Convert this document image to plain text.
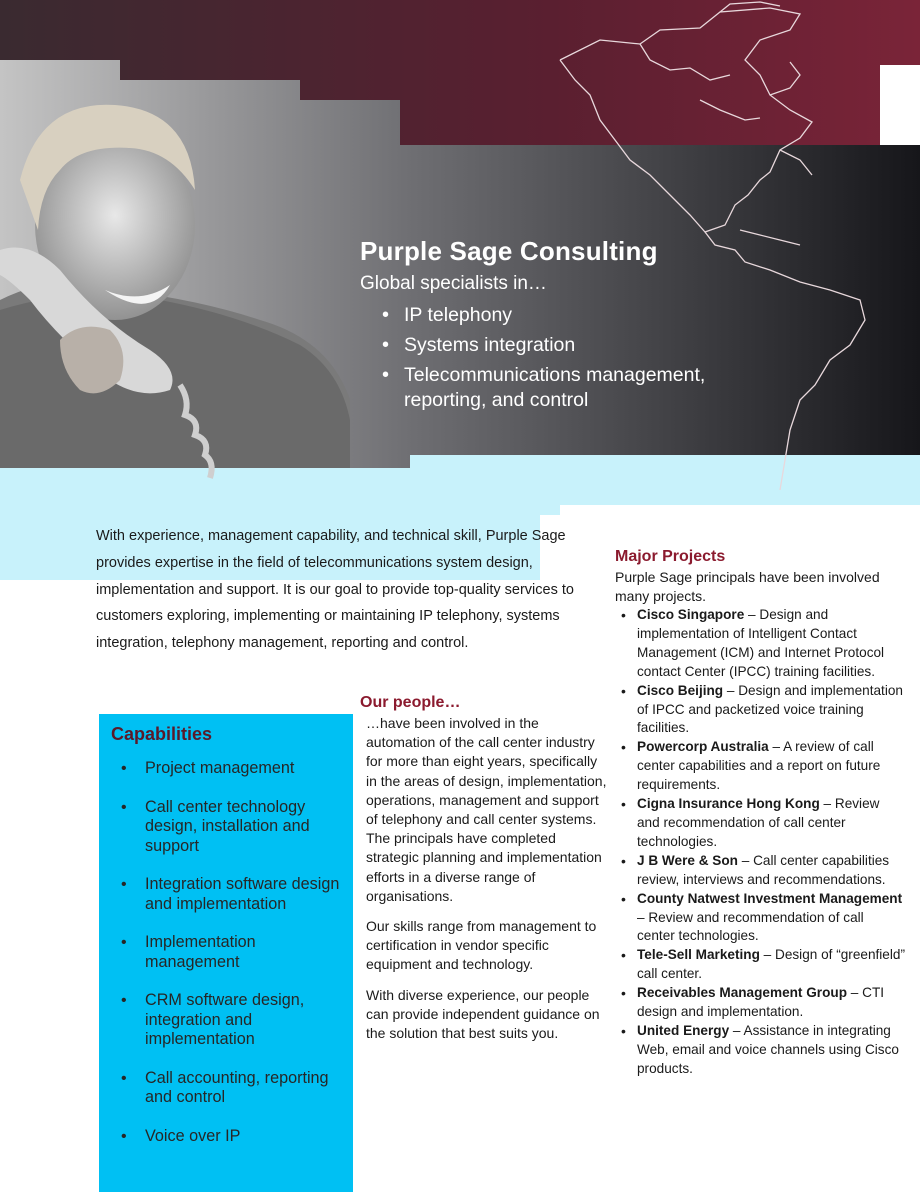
Purple Sage Consulting
Global specialists in…
• IP telephony
• Systems integration
• Telecommunications management, reporting, and control

With experience, management capability, and technical skill, Purple Sage provides expertise in the field of telecommunications system design, implementation and support. It is our goal to provide top-quality services to customers exploring, implementing or maintaining IP telephony, systems integration, telephony management, reporting and control.

Capabilities
• Project management
• Call center technology design, installation and support
• Integration software design and implementation
• Implementation management
• CRM software design, integration and implementation
• Call accounting, reporting and control
• Voice over IP
Our people…

…have been involved in the automation of the call center industry for more than eight years, specifically in the areas of design, implementation, operations, management and support of telephony and call center systems. The principals have completed strategic planning and implementation efforts in a diverse range of organisations.

Our skills range from management to certification in vendor specific equipment and technology.

With diverse experience, our people can provide independent guidance on the solution that best suits you.

Major Projects

Purple Sage principals have been involved many projects.

• Cisco Singapore – Design and implementation of Intelligent Contact Management (ICM) and Internet Protocol contact Center (IPCC) training facilities.
• Cisco Beijing – Design and implementation of IPCC and packetized voice training facilities.
• Powercorp Australia – A review of call center capabilities and a report on future requirements.
• Cigna Insurance Hong Kong – Review and recommendation of call center technologies.
• J B Were & Son – Call center capabilities review, interviews and recommendations.
• County Natwest Investment Management – Review and recommendation of call center technologies.
• Tele-Sell Marketing – Design of “greenfield” call center.
• Receivables Management Group – CTI design and implementation.
• United Energy – Assistance in integrating Web, email and voice channels using Cisco products.
